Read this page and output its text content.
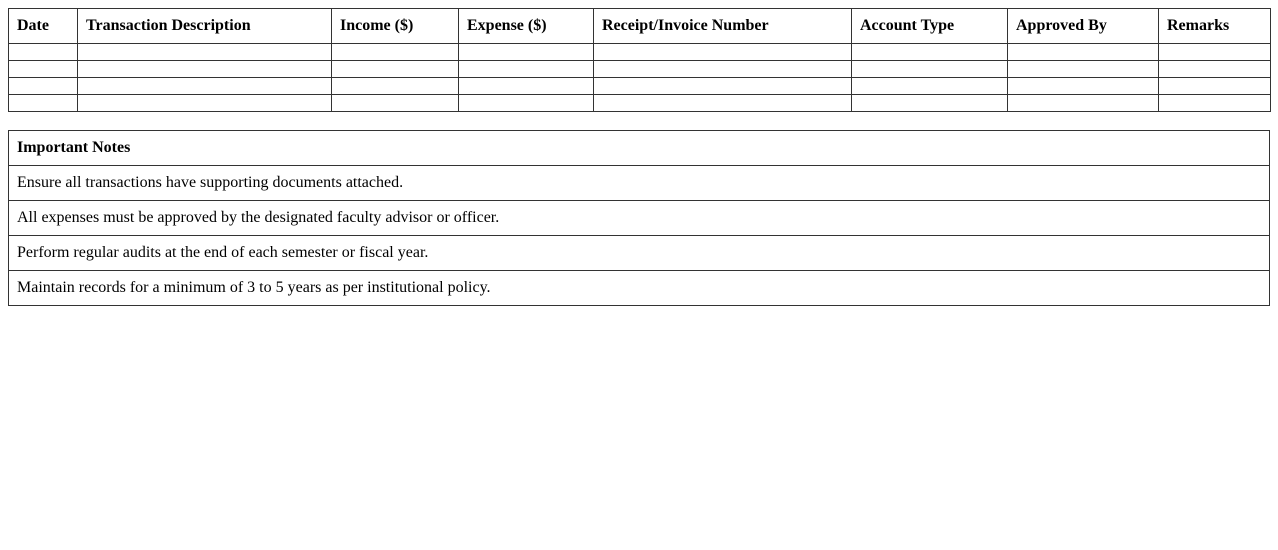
Date	Transaction Description	Income ($)	Expense ($)	Receipt/Invoice Number	Account Type	Approved By	Remarks

Important Notes
Ensure all transactions have supporting documents attached.
All expenses must be approved by the designated faculty advisor or officer.
Perform regular audits at the end of each semester or fiscal year.
Maintain records for a minimum of 3 to 5 years as per institutional policy.
